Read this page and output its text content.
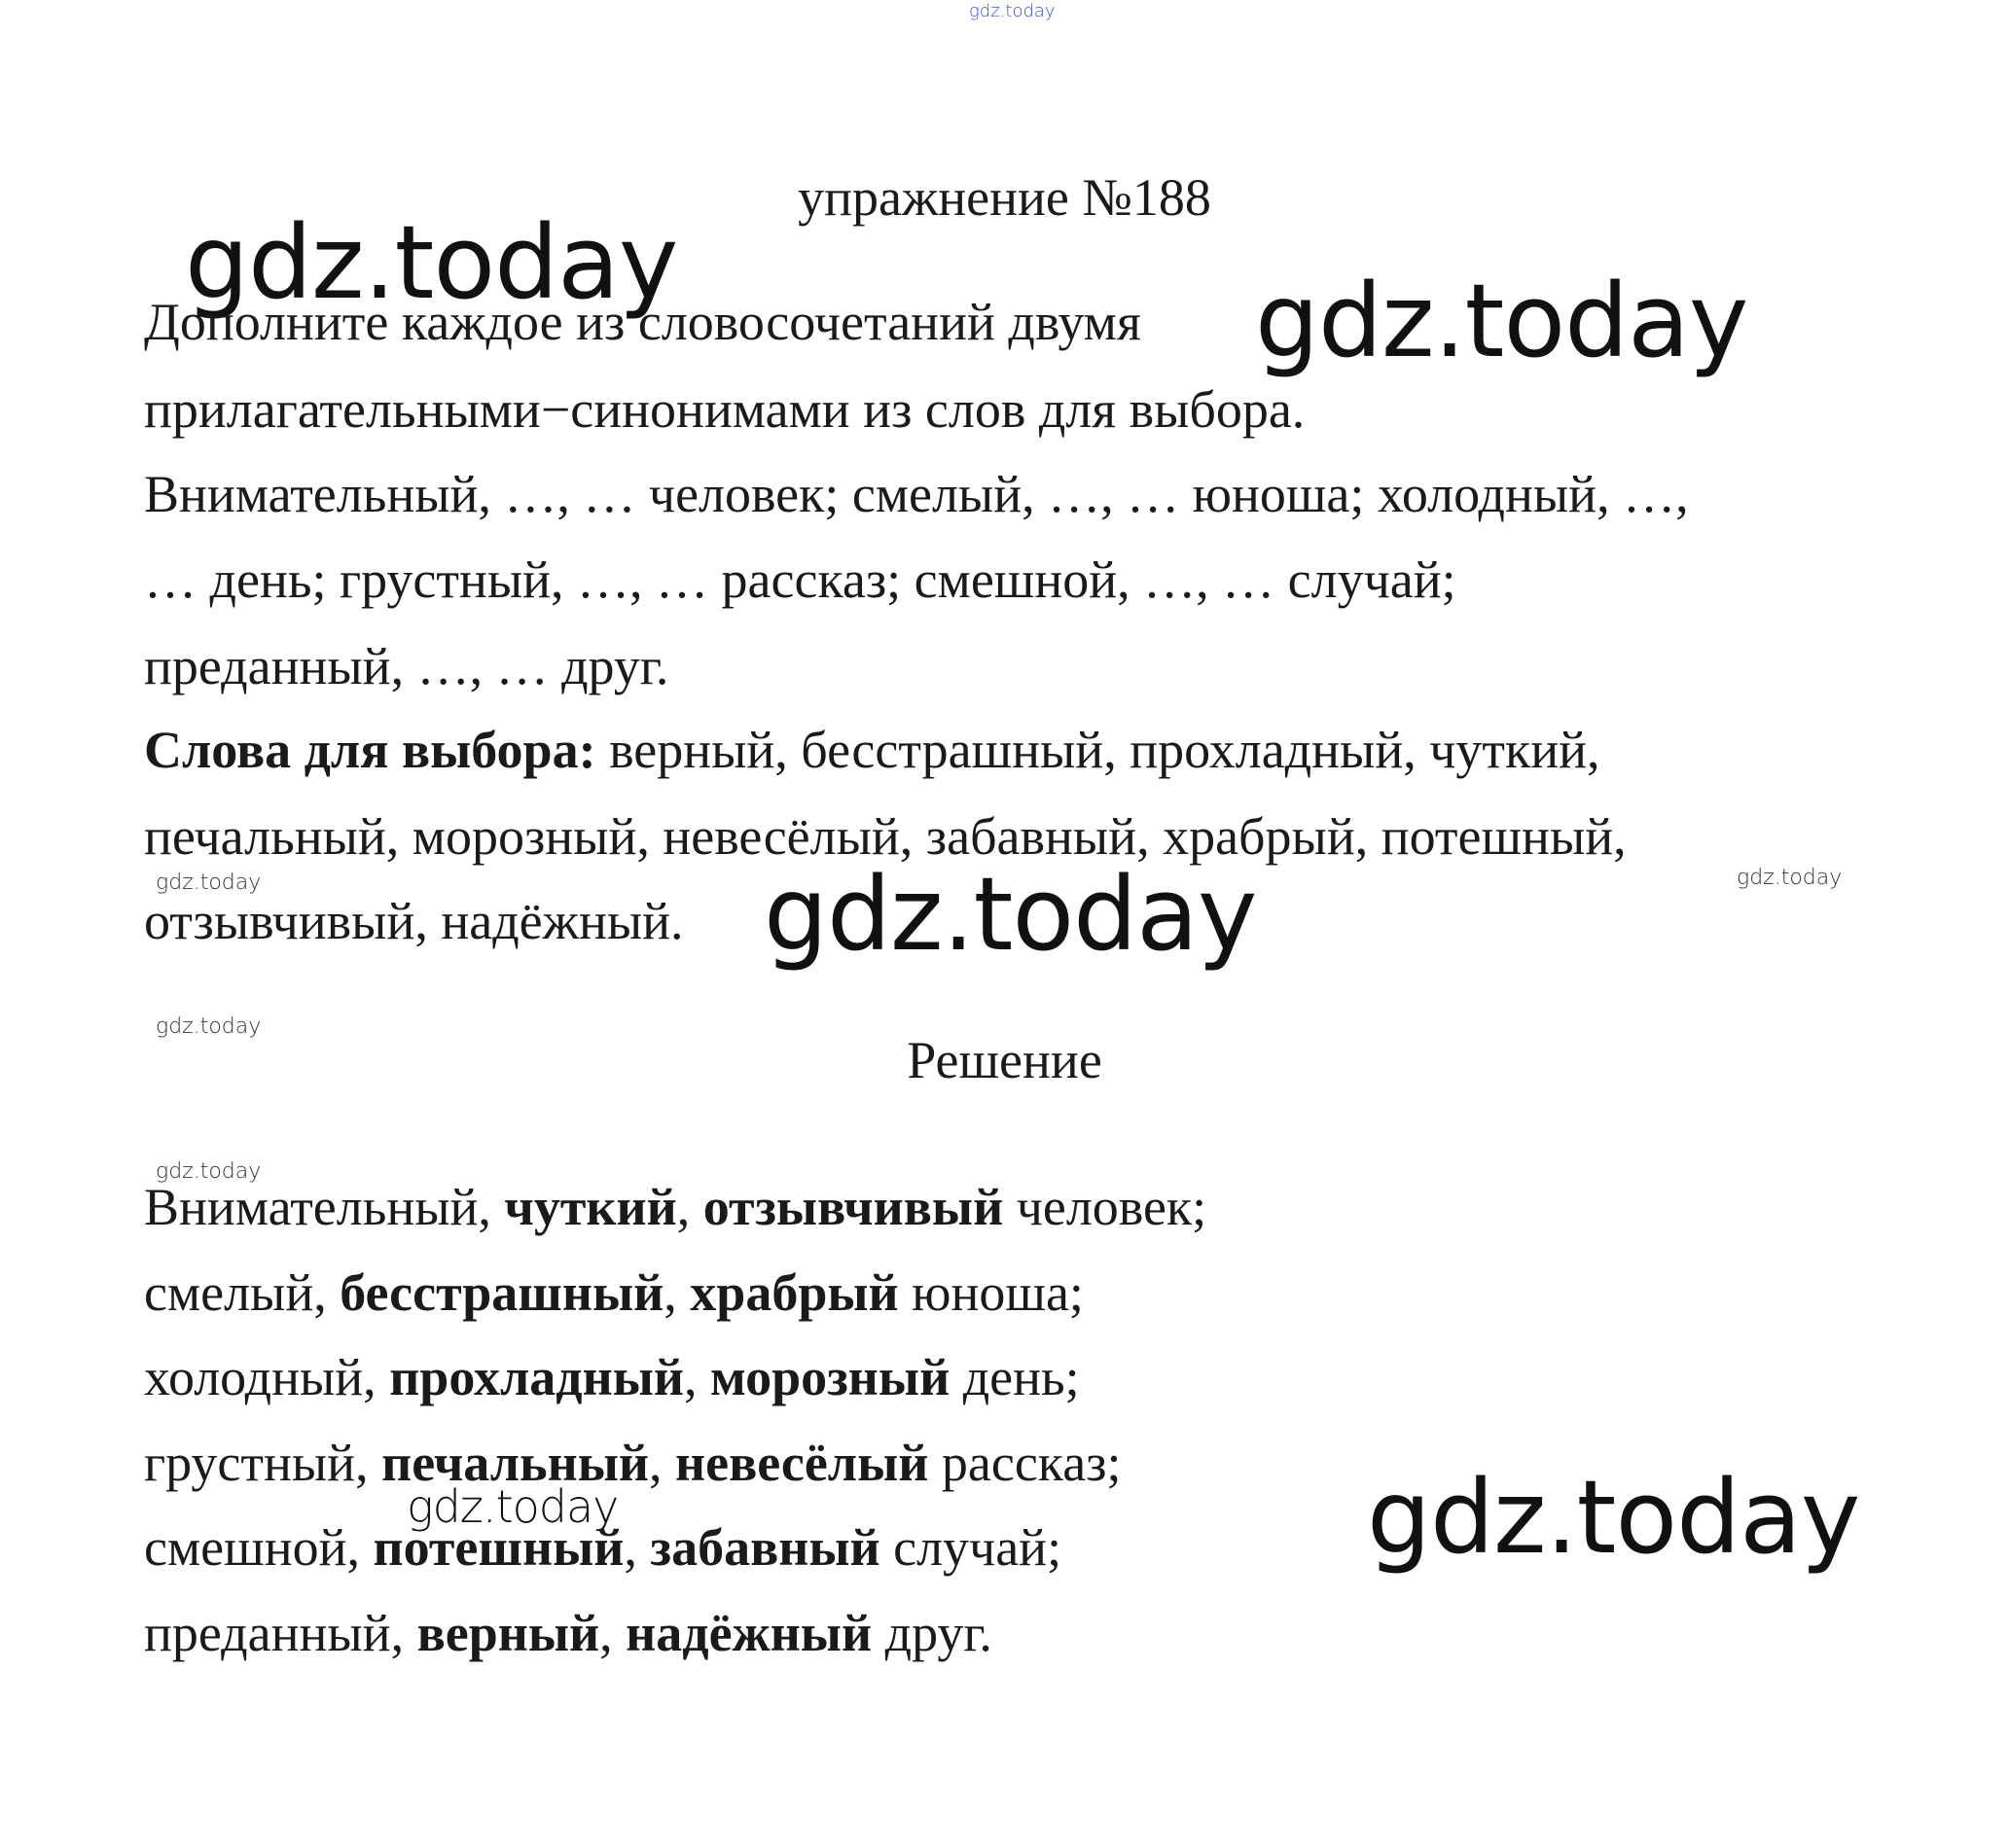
gdz.today
gdz.today	gdz.today
gdz.today	gdz.today
gdz.today
gdz.today
gdz.today
gdz.today	gdz.today
упражнение №188
Дополните каждое из словосочетаний двумя
прилагательными−синонимами из слов для выбора.
Внимательный, …, … человек; смелый, …, … юноша; холодный, …,
… день; грустный, …, … рассказ; смешной, …, … случай;
преданный, …, … друг.
Слова для выбора: верный, бесстрашный, прохладный, чуткий,
печальный, морозный, невесёлый, забавный, храбрый, потешный,
отзывчивый, надёжный.
Решение
Внимательный, чуткий, отзывчивый человек;
смелый, бесстрашный, храбрый юноша;
холодный, прохладный, морозный день;
грустный, печальный, невесёлый рассказ;
смешной, потешный, забавный случай;
преданный, верный, надёжный друг.
